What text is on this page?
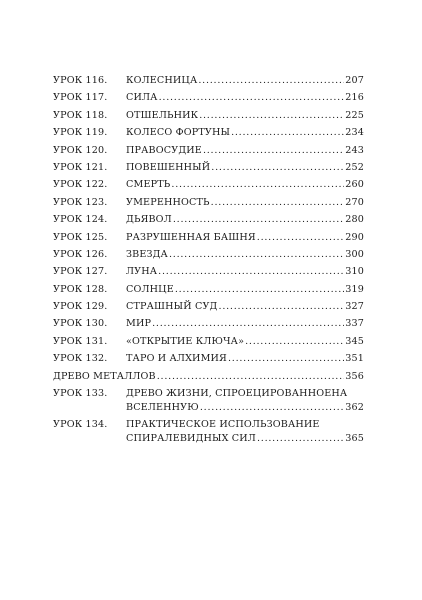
УРОК 116.	КОЛЕСНИЦА . . .	207
УРОК 117.	СИЛА . . .	216
УРОК 118.	ОТШЕЛЬНИК . . .	225
УРОК 119.	КОЛЕСО ФОРТУНЫ . . .	234
УРОК 120.	ПРАВОСУДИЕ . . .	243
УРОК 121.	ПОВЕШЕННЫЙ . . .	252
УРОК 122.	СМЕРТЬ . . .	260
УРОК 123.	УМЕРЕННОСТЬ . . .	270
УРОК 124.	ДЬЯВОЛ . . .	280
УРОК 125.	РАЗРУШЕННАЯ БАШНЯ . . .	290
УРОК 126.	ЗВЕЗДА . . .	300
УРОК 127.	ЛУНА . . .	310
УРОК 128.	СОЛНЦЕ . . .	319
УРОК 129.	СТРАШНЫЙ СУД . . .	327
УРОК 130.	МИР . . .	337
УРОК 131.	«ОТКРЫТИЕ КЛЮЧА» . . .	345
УРОК 132.	ТАРО И АЛХИМИЯ . . .	351
ДРЕВО МЕТАЛЛОВ . . .	356
УРОК 133.	ДРЕВО ЖИЗНИ, СПРОЕЦИРОВАННОЕНА
ВСЕЛЕННУЮ . . .	362
УРОК 134.	ПРАКТИЧЕСКОЕ ИСПОЛЬЗОВАНИЕ
СПИРАЛЕВИДНЫХ СИЛ . . .	365
